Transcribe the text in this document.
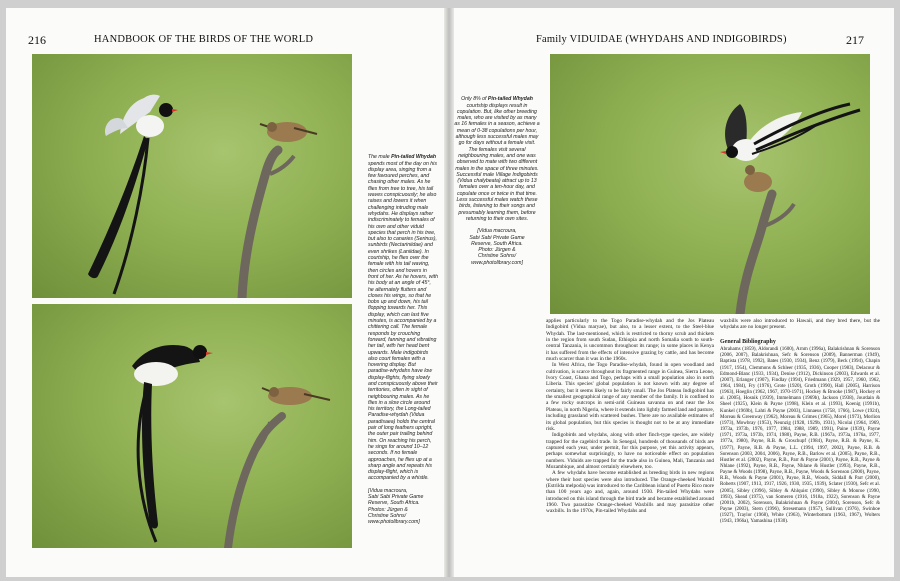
216	HANDBOOK OF THE BIRDS OF THE WORLD

The male Pin-tailed Whydah spends most of the day on his display area, singing from a few favoured perches, and chasing other males. As he flies from tree to tree, his tail waves conspicuously; he also raises and lowers it when challenging intruding male whydahs. He displays rather indiscriminately to females of his own and other viduid species that perch in his tree, but also to canaries (Serinus), sunbirds (Nectariniidae) and even shrikes (Laniidae). In courtship, he flies over the female with his tail waving, then circles and hovers in front of her. As he hovers, with his body at an angle of 45°, he alternately flutters and closes his wings, so that he bobs up and down, his tail flopping towards her. This display, which can last five minutes, is accompanied by a chittering call. The female responds by crouching forward, fanning and vibrating her tail, with her head bent upwards. Male indigobirds also court females with a hovering display. But paradise-whydahs have low display-flights, flying slowly and conspicuously above their territories, often in sight of neighbouring males. As he flies in a slow circle around his territory, the Long-tailed Paradise-whydah (Vidua paradisaea) holds the central pair of long feathers upright, the outer pair trailing behind him. On reaching his perch, he sings for around 10–12 seconds. If no female approaches, he flies up at a sharp angle and repeats his display-flight, which is accompanied by a whistle.

[Vidua macroura,
Sabi Sabi Private Game
Reserve, South Africa.
Photos: Jürgen &
Christine Sohns/
www.photolibrary.com]

Family VIDUIDAE (WHYDAHS AND INDIGOBIRDS)	217

Only 8% of Pin-tailed Whydah courtship displays result in copulation. But, like other breeding males, who are visited by as many as 16 females in a season, achieve a mean of 0-38 copulations per hour, although less successful males may go for days without a female visit. The females visit several neighbouring males, and one was observed to mate with two different males in the space of three minutes. Successful male Village Indigobirds (Vidua chalybeata) attract up to 13 females over a ten-hour day, and copulate once or twice in that time. Less successful males watch these birds, listening to their songs and presumably learning them, before returning to their own sites.

[Vidua macroura,
Sabi Sabi Private Game
Reserve, South Africa.
Photo: Jürgen &
Christine Sohns/
www.photolibrary.com]

applies particularly to the Togo Paradise-whydah and the Jos Plateau Indigobird (Vidua maryae), but also, to a lesser extent, to the Steel-blue Whydah. The last-mentioned, which is restricted to thorny scrub and thickets in the region from south Sudan, Ethiopia and north Somalia south to south-central Tanzania, is uncommon throughout its range; in some places in Kenya it has suffered from the effects of intensive grazing by cattle, and has become much scarcer than it was in the 1960s.

In West Africa, the Togo Paradise-whydah, found in open woodland and cultivation, is scarce throughout its fragmented range in Guinea, Sierra Leone, Ivory Coast, Ghana and Togo, perhaps with a small population also in north Liberia. This species' global population is not known with any degree of certainty, but it seems likely to be fairly small. The Jos Plateau Indigobird has the smallest geographical range of any member of the family. It is confined to a few rocky outcrops in semi-arid Guinean savanna on and near the Jos Plateau, in north Nigeria, where it extends into lightly farmed land and pasture, including grassland with scattered bushes. There are no available estimates of its global population, but this species is thought not to be at any immediate risk.

Indigobirds and whydahs, along with other finch-type species, are widely trapped for the cagebird trade. In Senegal, hundreds of thousands of birds are captured each year, under permit, for this purpose, yet this activity appears, perhaps somewhat surprisingly, to have no noticeable effect on population numbers. Viduids are trapped for the trade also in Guinea, Mali, Tanzania and Mozambique, and almost certainly elsewhere, too.

A few whydahs have become established as breeding birds in new regions where their host species were also introduced. The Orange-cheeked Waxbill (Estrilda melpoda) was introduced to the Caribbean island of Puerto Rico more than 100 years ago and, again, around 1930. Pin-tailed Whydahs were introduced on this island through the bird trade and became established around 1960. Two parasitize Orange-cheeked Waxbills and may parasitize other waxbills. In the 1970s, Pin-tailed Whydahs and

waxbills were also introduced to Hawaii, and they bred there, but the whydahs are no longer present.

General Bibliography
Abrahams (1859), Aldorandi (1600), Arnm (1996a), Balakrishnan & Sorenson (2006, 2007), Balakrishnan, Sefc & Sorenson (2009), Bannerman (1949), Baptista (1978, 1992), Bates (1930, 1934), Benz (1979), Beck (1994), Chapin (1917, 1954), Clemmons & Schleer (1935, 1936), Cooper (1983), Delacour & Edmond-Blanc (1933, 1934), Denise (1912), Dickinson (2003), Edwards et al. (2007), Erlanger (1907), Findlay (1994), Friedmann (1929, 1957, 1960, 1962, 1964, 1984), Fry (1976), Grote (1920), Groth (1990), Hall (2005), Harrison (1963), Hoeglin (1962, 1967, 1970-1971), Hockey & Brooke (1987), Hockey et al. (2005), Hosnik (1939), Immelmann (1969b), Jackson (1938), Jourdain & Sheel (1925), Klein & Payne (1998), Klein et al. (1993), Koenig (1991b), Kunkel (1969b), Lahti & Payne (2003), Linnaeus (1758, 1766), Lowe (1924), Moreau & Greenway (1962), Moreau & Grimes (1965), Morel (1973), Morlion (1973), Mowbray (1953), Neunzig (1928, 1929b, 1931), Nicolai (1964, 1969, 1973a, 1973b, 1976, 1977, 1984, 1988, 1989, 1991), Paine (1939), Payne (1971, 1973a, 1973b, 1974, 1980), Payne, R.B. (1967a, 1973a, 1976a, 1977, 1977a, 1980), Payne, R.B. & Groschupf (1984), Payne, R.B. & Payne, K. (1977), Payne, R.B. & Payne, L.L. (1994, 1997, 2002), Payne, R.B. & Sorenson (2003, 2004, 2006), Payne, R.B., Barlow et al. (2005), Payne, R.B., Hustler et al. (2002), Payne, R.B., Parr & Payne (2001), Payne, R.B., Payne & Nhlane (1992), Payne, R.B., Payne, Nhlane & Hustler (1993), Payne, R.B., Payne & Woods (1998), Payne, R.B., Payne, Woods & Sorenson (2000), Payne, R.B., Woods & Payne (2001), Payne, R.B., Woods, Siddall & Parr (2000), Roberts (1907, 1913, 1917, 1926, 1930, 1935, 1939), Sclater (1930), Sefc et al. (2005), Sibley (1996), Sibley & Ahlquist (1990), Sibley & Monroe (1990, 1993), Skead (1975), van Someren (1916, 1918a, 1922), Sorenson & Payne (2001b, 2002), Sorenson, Balakrishnan & Payne (2004), Sorenson, Sefc & Payne (2003), Stern (1996), Stresemann (1957), Sullivan (1976), Swinhoe (1927), Traylor (1968), White (1963), Winterbottom (1963, 1967), Wolters (1943, 1966a), Yamashina (1930).
